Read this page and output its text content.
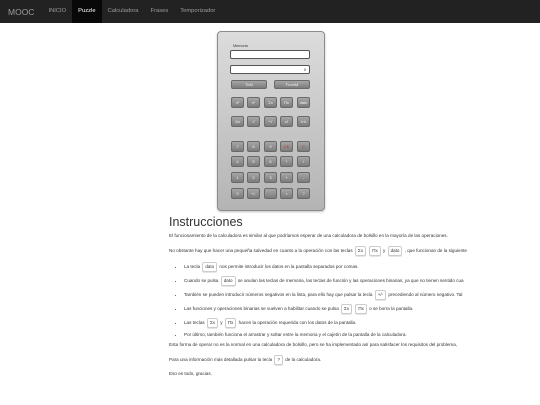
MOOC	INICIO	Puzzle	Calculadora	Frases	Temporizador
Memoria
0
ToM	FromM
x²	xⁿ	Σx	Πx	dato
1/x	√	ⁿ√	x!	Int
7	8	9	CE	C
4	5	6	*	/
1	2	3	+	-
0	+/-	.	=	?
Instrucciones

El funcionamiento de la calculadora es similar al que podríamos esperar de una calculadora de bolsillo en la mayoría de las operaciones.

No obstante hay que hacer una pequeña salvedad en cuanto a la operación con las teclas Σx Πx y dato , que funcionan de la siguiente

• La tecla dato nos permite introducir los datos en la pantalla separados por comas.
• Cuando se pulsa dato se anulan las teclas de memoria, las teclas de función y las operaciones binarias, ya que no tienen sentido cua
• También se pueden introducir números negativos en la lista, para ello hay que pulsar la tecla +/- precediendo al número negativo. Tal
• Las funciones y operaciones binarias se vuelven a habilitar cuando se pulsa Σx Πx o se borra la pantalla.
• Las teclas Σx y Πx hacen la operación requerida con los datos de la pantalla.
• Por último, también funciona el arrastrar y soltar entre la memoria y el cajetín de la pantalla de la calculadora.

Esta forma de operar no es la normal en una calculadora de bolsillo, pero se ha implementado así para satisfacer los requisitos del problema,

Para una información más detallada pulsar la tecla ? de la calculadora.

Eso es todo, gracias.
